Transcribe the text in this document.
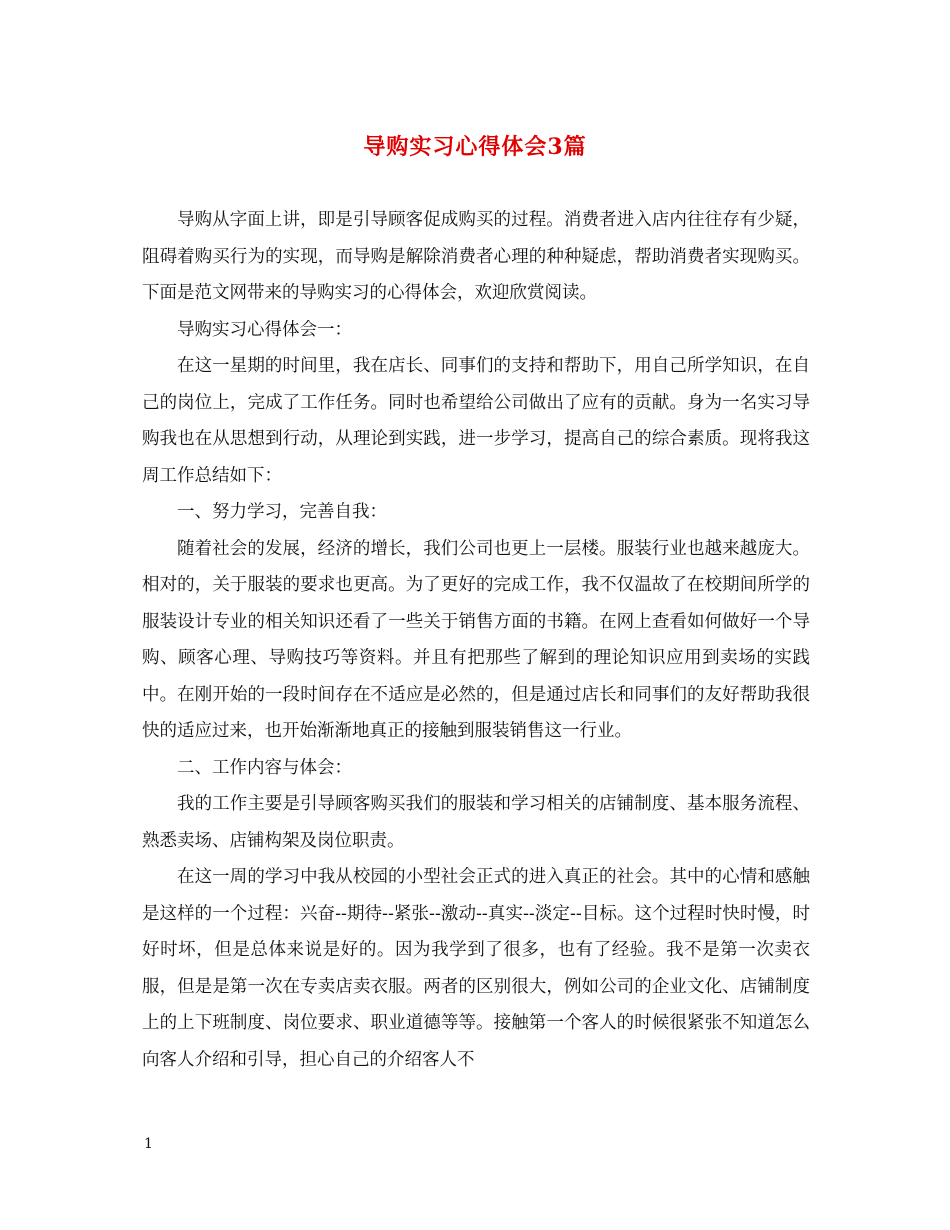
导购实习心得体会3篇

导购从字面上讲，即是引导顾客促成购买的过程。消费者进入店内往往存有少疑，阻碍着购买行为的实现，而导购是解除消费者心理的种种疑虑，帮助消费者实现购买。下面是范文网带来的导购实习的心得体会，欢迎欣赏阅读。

导购实习心得体会一：

在这一星期的时间里，我在店长、同事们的支持和帮助下，用自己所学知识，在自己的岗位上，完成了工作任务。同时也希望给公司做出了应有的贡献。身为一名实习导购我也在从思想到行动，从理论到实践，进一步学习，提高自己的综合素质。现将我这周工作总结如下：

一、努力学习，完善自我：

随着社会的发展，经济的增长，我们公司也更上一层楼。服装行业也越来越庞大。相对的，关于服装的要求也更高。为了更好的完成工作，我不仅温故了在校期间所学的服装设计专业的相关知识还看了一些关于销售方面的书籍。在网上查看如何做好一个导购、顾客心理、导购技巧等资料。并且有把那些了解到的理论知识应用到卖场的实践中。在刚开始的一段时间存在不适应是必然的，但是通过店长和同事们的友好帮助我很快的适应过来，也开始渐渐地真正的接触到服装销售这一行业。

二、工作内容与体会：

我的工作主要是引导顾客购买我们的服装和学习相关的店铺制度、基本服务流程、熟悉卖场、店铺构架及岗位职责。

在这一周的学习中我从校园的小型社会正式的进入真正的社会。其中的心情和感触是这样的一个过程：兴奋--期待--紧张--激动--真实--淡定--目标。这个过程时快时慢，时好时坏，但是总体来说是好的。因为我学到了很多，也有了经验。我不是第一次卖衣服，但是是第一次在专卖店卖衣服。两者的区别很大，例如公司的企业文化、店铺制度上的上下班制度、岗位要求、职业道德等等。接触第一个客人的时候很紧张不知道怎么向客人介绍和引导，担心自己的介绍客人不

1
